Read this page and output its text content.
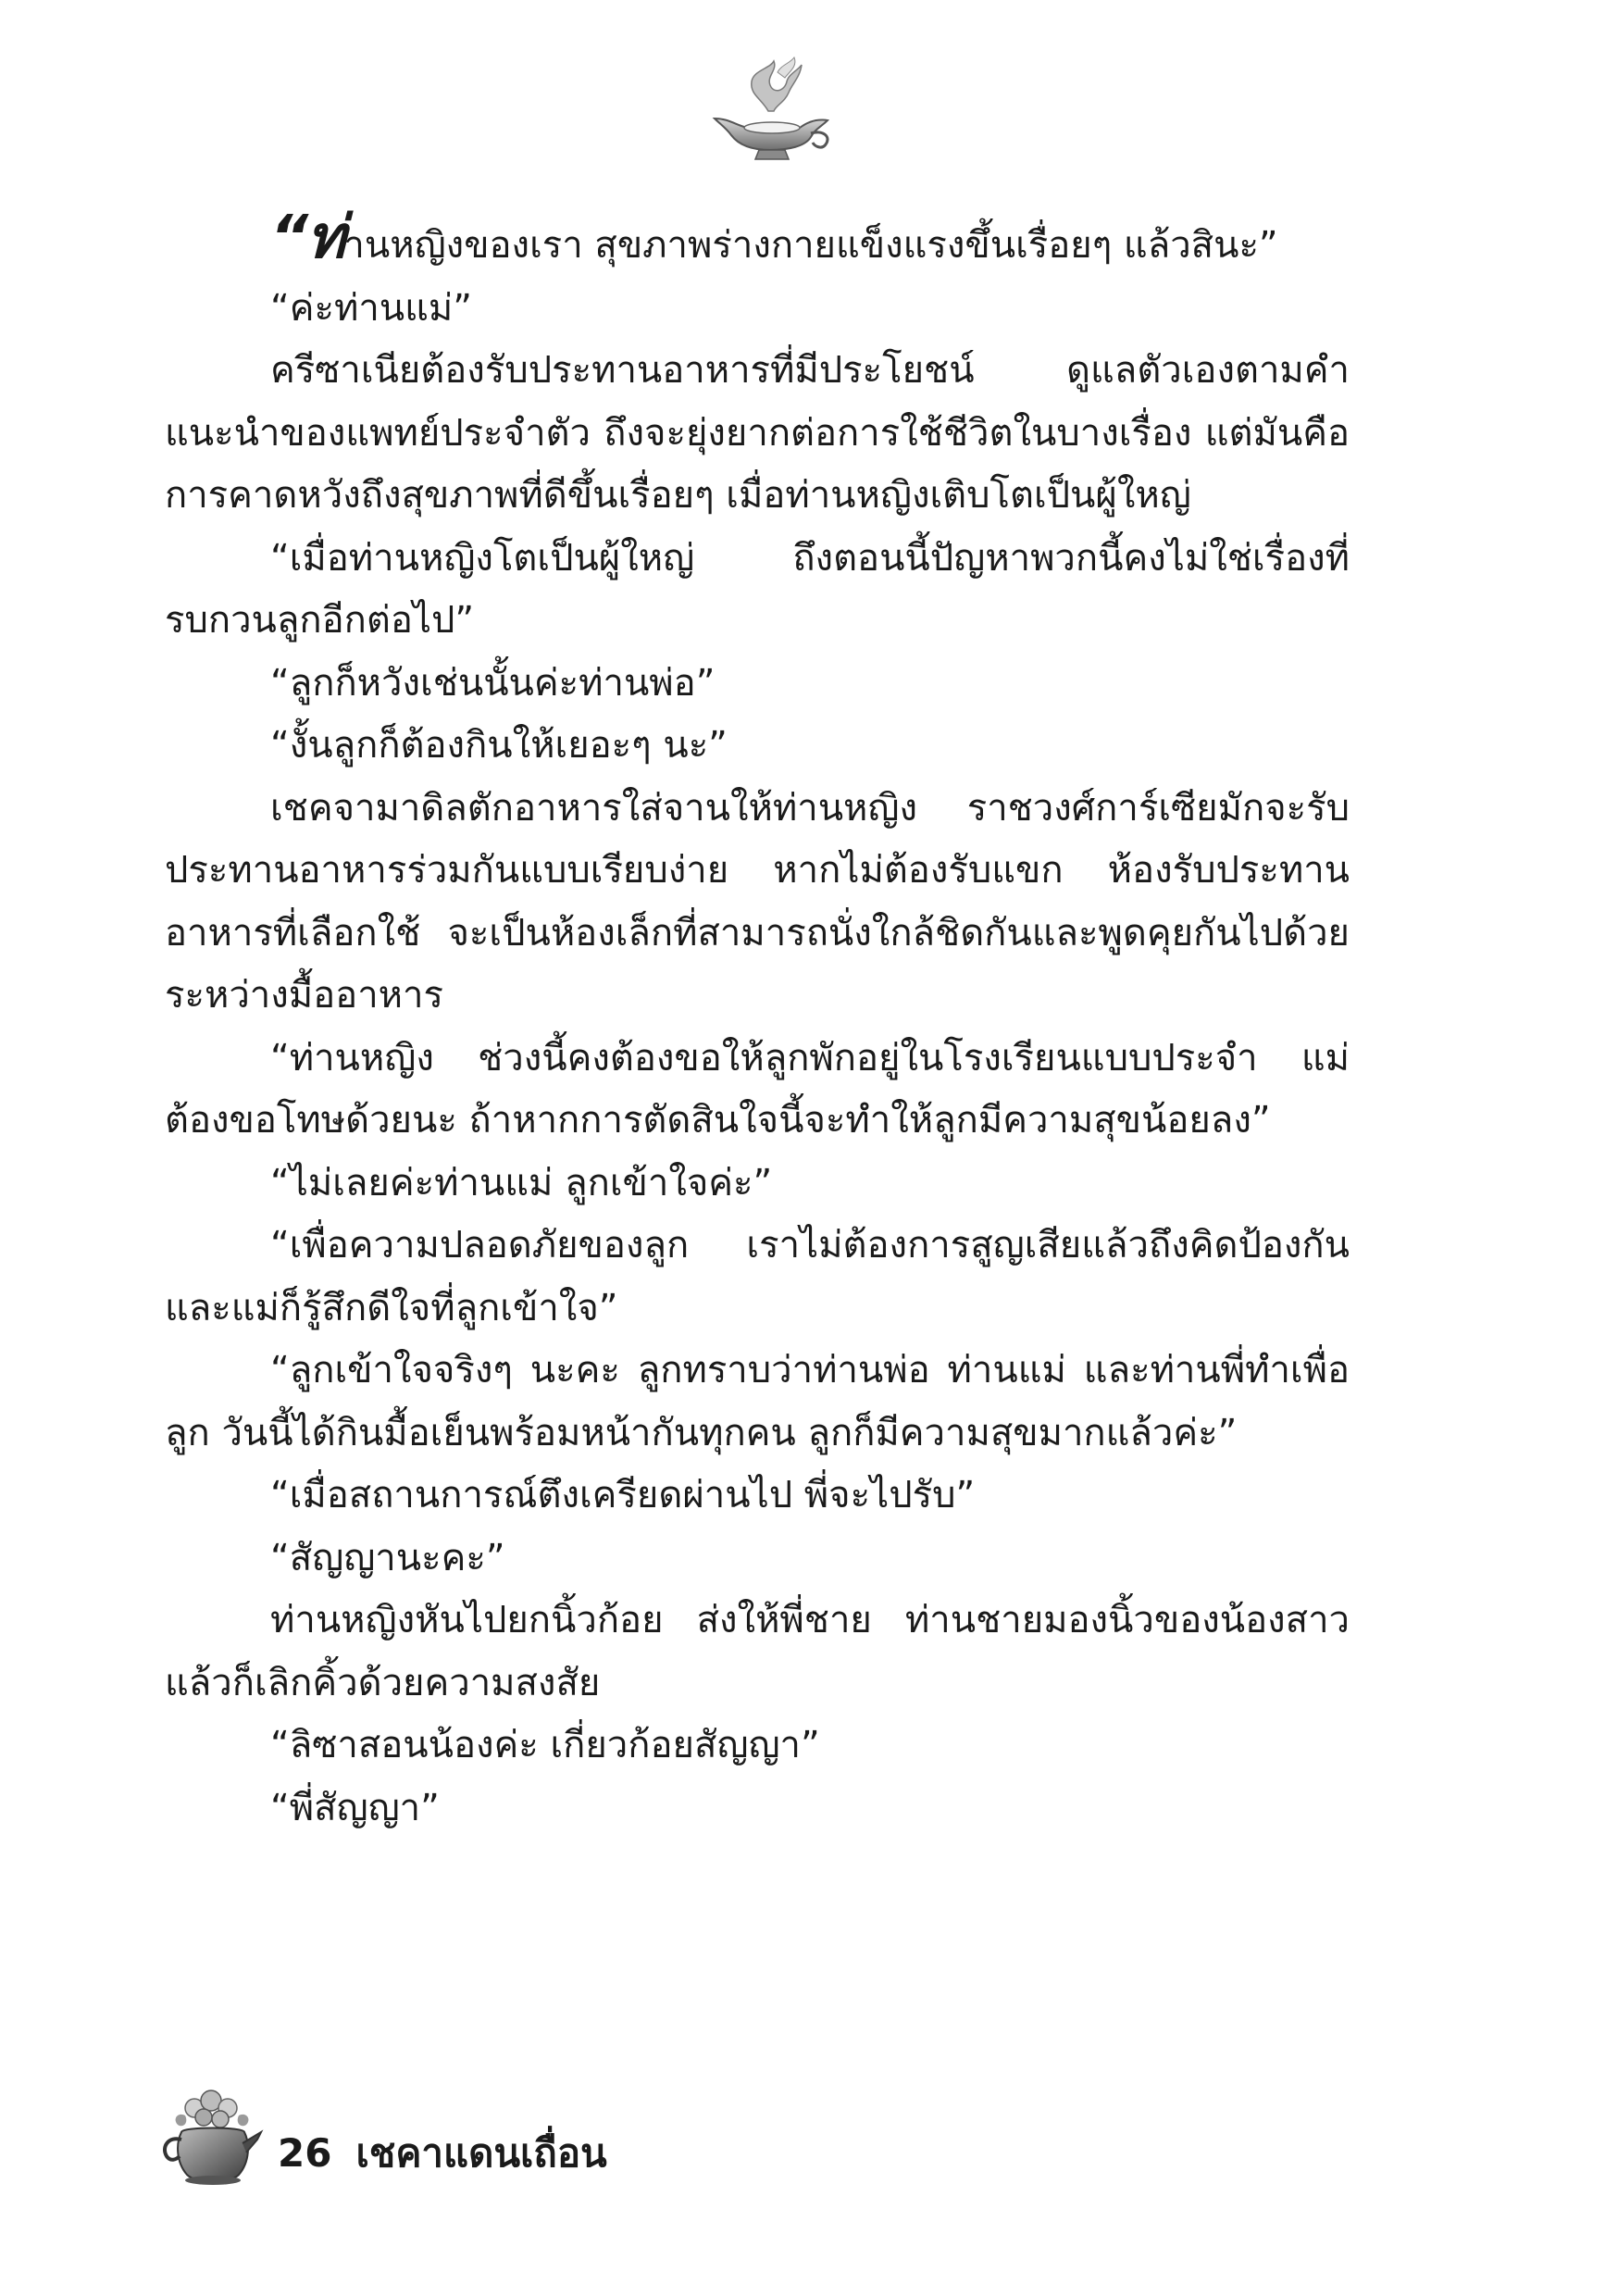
“ท่านหญิงของเรา สุขภาพร่างกายแข็งแรงขึ้นเรื่อยๆ แล้วสินะ”

“ค่ะท่านแม่”

ครีซาเนียต้องรับประทานอาหารที่มีประโยชน์ ดูแลตัวเองตามคำแนะนำของแพทย์ประจำตัว ถึงจะยุ่งยากต่อการใช้ชีวิตในบางเรื่อง แต่มันคือการคาดหวังถึงสุขภาพที่ดีขึ้นเรื่อยๆ เมื่อท่านหญิงเติบโตเป็นผู้ใหญ่

“เมื่อท่านหญิงโตเป็นผู้ใหญ่ ถึงตอนนี้ปัญหาพวกนี้คงไม่ใช่เรื่องที่รบกวนลูกอีกต่อไป”

“ลูกก็หวังเช่นนั้นค่ะท่านพ่อ”

“งั้นลูกก็ต้องกินให้เยอะๆ นะ”

เชคจามาดิลตักอาหารใส่จานให้ท่านหญิง ราชวงศ์การ์เซียมักจะรับประทานอาหารร่วมกันแบบเรียบง่าย หากไม่ต้องรับแขก ห้องรับประทานอาหารที่เลือกใช้ จะเป็นห้องเล็กที่สามารถนั่งใกล้ชิดกันและพูดคุยกันไปด้วยระหว่างมื้ออาหาร

“ท่านหญิง ช่วงนี้คงต้องขอให้ลูกพักอยู่ในโรงเรียนแบบประจำ แม่ต้องขอโทษด้วยนะ ถ้าหากการตัดสินใจนี้จะทำให้ลูกมีความสุขน้อยลง”

“ไม่เลยค่ะท่านแม่ ลูกเข้าใจค่ะ”

“เพื่อความปลอดภัยของลูก เราไม่ต้องการสูญเสียแล้วถึงคิดป้องกันและแม่ก็รู้สึกดีใจที่ลูกเข้าใจ”

“ลูกเข้าใจจริงๆ นะคะ ลูกทราบว่าท่านพ่อ ท่านแม่ และท่านพี่ทำเพื่อลูก วันนี้ได้กินมื้อเย็นพร้อมหน้ากันทุกคน ลูกก็มีความสุขมากแล้วค่ะ”

“เมื่อสถานการณ์ตึงเครียดผ่านไป พี่จะไปรับ”

“สัญญานะคะ”

ท่านหญิงหันไปยกนิ้วก้อย ส่งให้พี่ชาย ท่านชายมองนิ้วของน้องสาวแล้วก็เลิกคิ้วด้วยความสงสัย

“ลิซาสอนน้องค่ะ เกี่ยวก้อยสัญญา”

“พี่สัญญา”

26 เชคาแดนเถื่อน
